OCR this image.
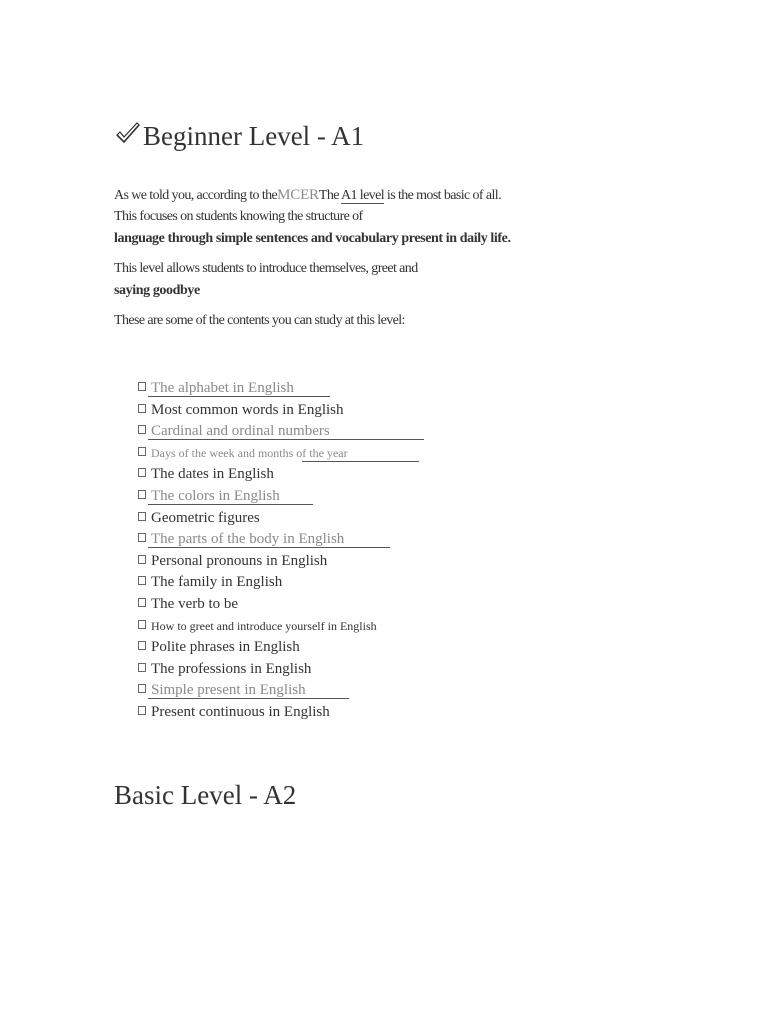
Beginner Level - A1
As we told you, according to theMCERThe A1 level is the most basic of all.
This focuses on students knowing the structure of
language through simple sentences and vocabulary present in daily life.
This level allows students to introduce themselves, greet and
saying goodbye
These are some of the contents you can study at this level:
The alphabet in English
Most common words in English
Cardinal and ordinal numbers
Days of the week and months of the year
The dates in English
The colors in English
Geometric figures
The parts of the body in English
Personal pronouns in English
The family in English
The verb to be
How to greet and introduce yourself in English
Polite phrases in English
The professions in English
Simple present in English
Present continuous in English
Basic Level - A2
